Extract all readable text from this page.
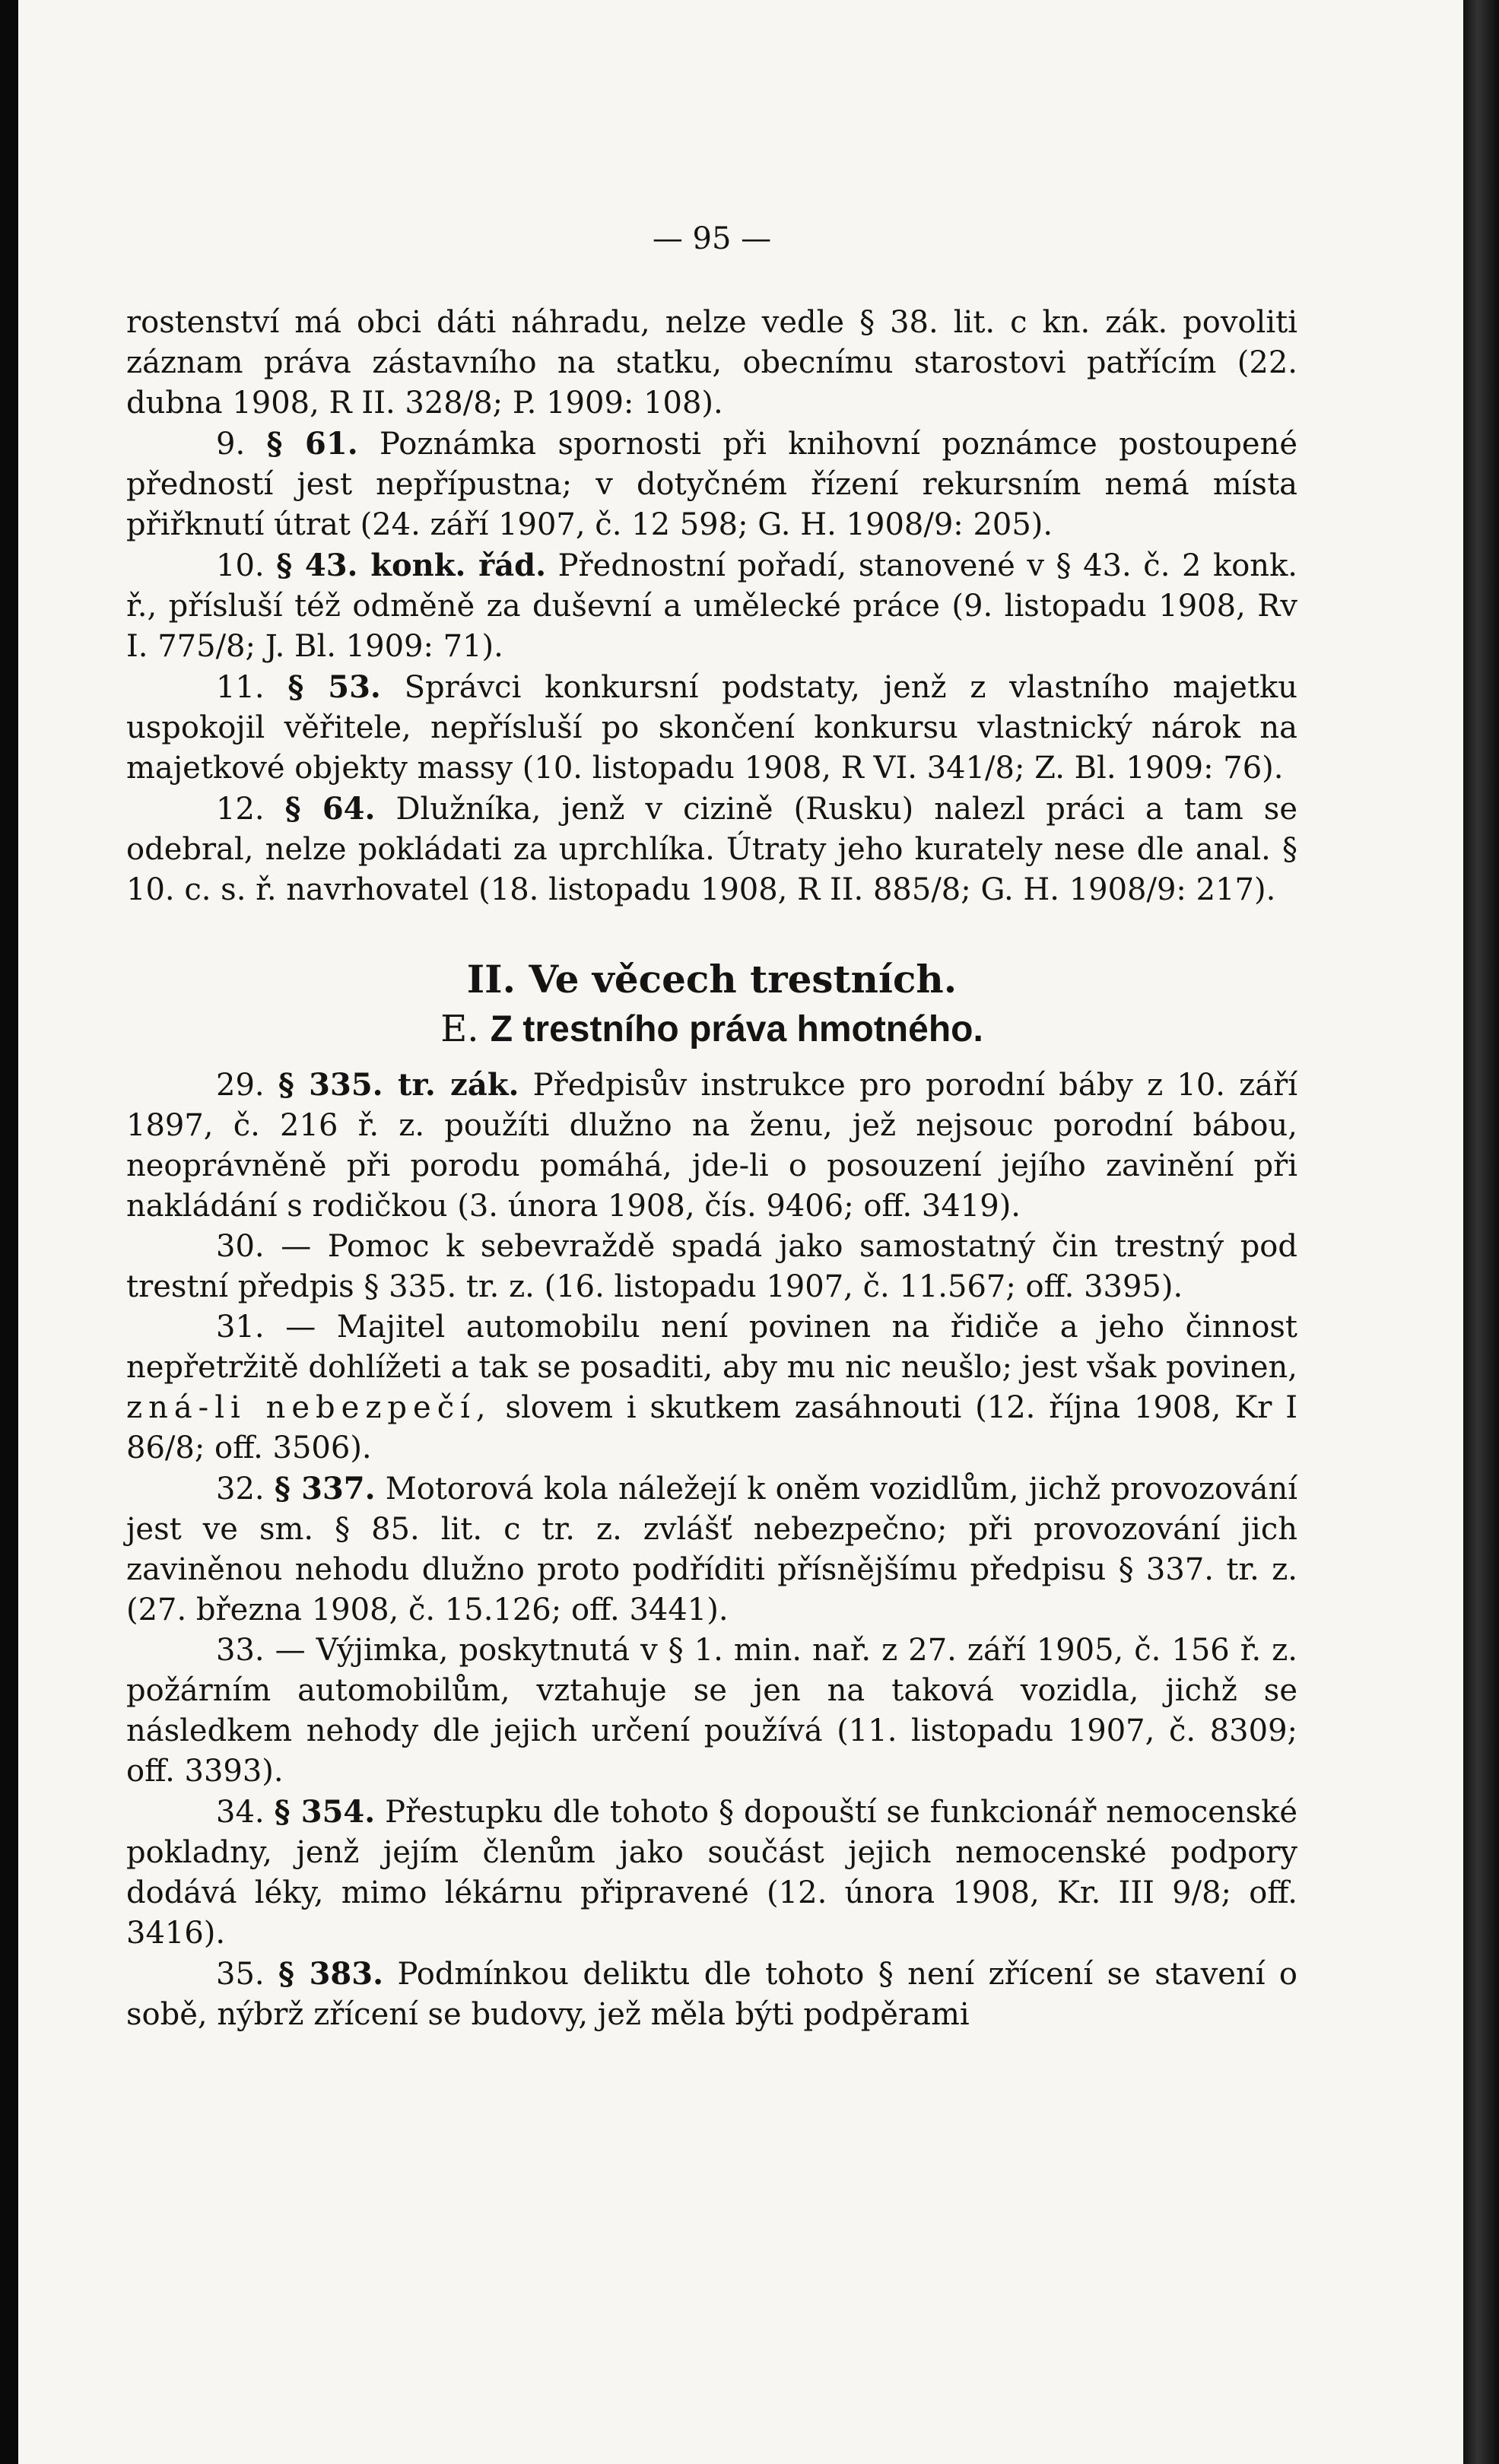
— 95 —

rostenství má obci dáti náhradu, nelze vedle § 38. lit. c kn. zák. povoliti záznam práva zástavního na statku, obecnímu starostovi patřícím (22. dubna 1908, R II. 328/8; P. 1909: 108).

9. § 61. Poznámka spornosti při knihovní poznámce postoupené předností jest nepřípustna; v dotyčném řízení rekursním nemá místa přiřknutí útrat (24. září 1907, č. 12 598; G. H. 1908/9: 205).

10. § 43. konk. řád. Přednostní pořadí, stanovené v § 43. č. 2 konk. ř., přísluší též odměně za duševní a umělecké práce (9. listopadu 1908, Rv I. 775/8; J. Bl. 1909: 71).

11. § 53. Správci konkursní podstaty, jenž z vlastního majetku uspokojil věřitele, nepřísluší po skončení konkursu vlastnický nárok na majetkové objekty massy (10. listopadu 1908, R VI. 341/8; Z. Bl. 1909: 76).

12. § 64. Dlužníka, jenž v cizině (Rusku) nalezl práci a tam se odebral, nelze pokládati za uprchlíka. Útraty jeho kurately nese dle anal. § 10. c. s. ř. navrhovatel (18. listopadu 1908, R II. 885/8; G. H. 1908/9: 217).

II. Ve věcech trestních.
E. Z trestního práva hmotného.

29. § 335. tr. zák. Předpisův instrukce pro porodní báby z 10. září 1897, č. 216 ř. z. použíti dlužno na ženu, jež nejsouc porodní bábou, neoprávněně při porodu pomáhá, jde-li o posouzení jejího zavinění při nakládání s rodičkou (3. února 1908, čís. 9406; off. 3419).

30. — Pomoc k sebevraždě spadá jako samostatný čin trestný pod trestní předpis § 335. tr. z. (16. listopadu 1907, č. 11.567; off. 3395).

31. — Majitel automobilu není povinen na řidiče a jeho činnost nepřetržitě dohlížeti a tak se posaditi, aby mu nic neušlo; jest však povinen, zná-li nebezpečí, slovem i skutkem zasáhnouti (12. října 1908, Kr I 86/8; off. 3506).

32. § 337. Motorová kola náležejí k oněm vozidlům, jichž provozování jest ve sm. § 85. lit. c tr. z. zvlášť nebezpečno; při provozování jich zaviněnou nehodu dlužno proto podříditi přísnějšímu předpisu § 337. tr. z. (27. března 1908, č. 15.126; off. 3441).

33. — Výjimka, poskytnutá v § 1. min. nař. z 27. září 1905, č. 156 ř. z. požárním automobilům, vztahuje se jen na taková vozidla, jichž se následkem nehody dle jejich určení používá (11. listopadu 1907, č. 8309; off. 3393).

34. § 354. Přestupku dle tohoto § dopouští se funkcionář nemocenské pokladny, jenž jejím členům jako součást jejich nemocenské podpory dodává léky, mimo lékárnu připravené (12. února 1908, Kr. III 9/8; off. 3416).

35. § 383. Podmínkou deliktu dle tohoto § není zřícení se stavení o sobě, nýbrž zřícení se budovy, jež měla býti podpěrami
